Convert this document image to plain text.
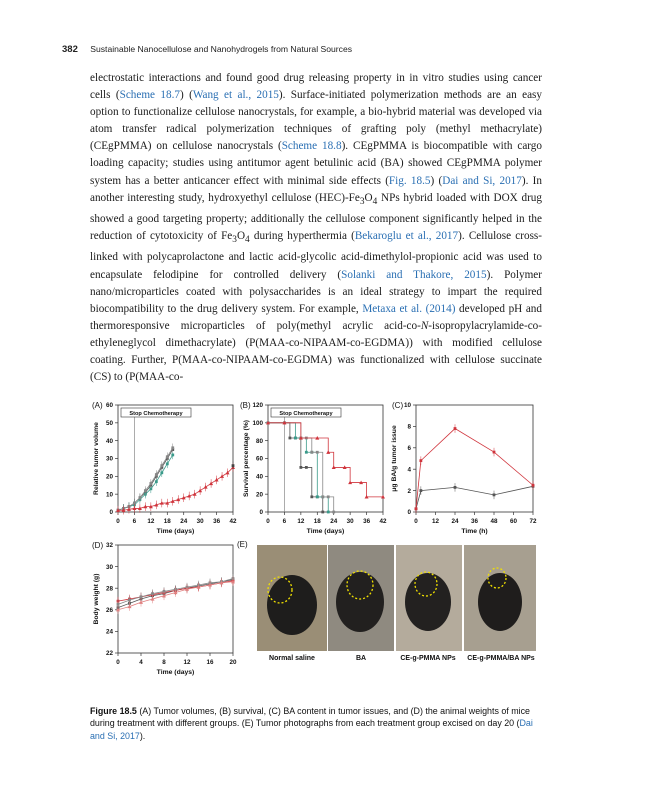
382 Sustainable Nanocellulose and Nanohydrogels from Natural Sources

electrostatic interactions and found good drug releasing property in in vitro studies using cancer cells (Scheme 18.7) (Wang et al., 2015). Surface-initiated polymerization methods are an easy option to functionalize cellulose nanocrystals, for example, a bio-hybrid material was developed via atom transfer radical polymerization techniques of grafting poly (methyl methacrylate) (CEgPMMA) on cellulose nanocrystals (Scheme 18.8). CEgPMMA is biocompatible with cargo loading capacity; studies using antitumor agent betulinic acid (BA) showed CEgPMMA polymer system has a better anticancer effect with minimal side effects (Fig. 18.5) (Dai and Si, 2017). In another interesting study, hydroxyethyl cellulose $(HEC)-Fe_3O_4$ NPs hybrid loaded with DOX drug showed a good targeting property; additionally the cellulose component significantly helped in the reduction of cytotoxicity of $Fe_3O_4$ during hyperthermia (Bekaroglu et al., 2017). Cellulose cross-linked with polycaprolactone and lactic acid-glycolic acid-dimethylol-propionic acid was used to encapsulate felodipine for controlled delivery (Solanki and Thakore, 2015). Polymer nano/microparticles coated with polysaccharides is an ideal strategy to impart the required biocompatibility to the drug delivery system. For example, Metaxa et al. (2014) developed pH and thermoresponsive microparticles of poly(methyl acrylic acid-co-N-isopropylacrylamide-co-ethyleneglycol dimethacrylate) (P(MAA-co-NIPAAM-co-EGDMA)) with modified cellulose coating. Further, P(MAA-co-NIPAAM-co-EGDMA) was functionalized with cellulose succinate (CS) to (P(MAA-co-

(A)
0 6 12 18 24 30 36 42
0
10
20
30
40
50
60
Time (days)
Relative tumor volume
Stop Chemotherapy
(B)
0 6 12 18 24 30 36 42
0
20
40
60
80
100
120
Time (days)
Survival percentage (%)
Stop Chemotherapy
(C)
0 12 24 36 48 60 72
0
2
4
6
8
10
Time (h)
μg BA/g tumor issue
(D)
0	4	8	12	16	20
22
24
26
28
30
32
Time (days)
Body weight (g)
(E)
Normal saline	BA	CE-g-PMMA NPs	CE-g-PMMA/BA NPs
Figure 18.5 (A) Tumor volumes, (B) survival, (C) BA content in tumor issues, and (D) the animal weights of mice during treatment with different groups. (E) Tumor photographs from each treatment group excised on day 20 (Dai and Si, 2017).
